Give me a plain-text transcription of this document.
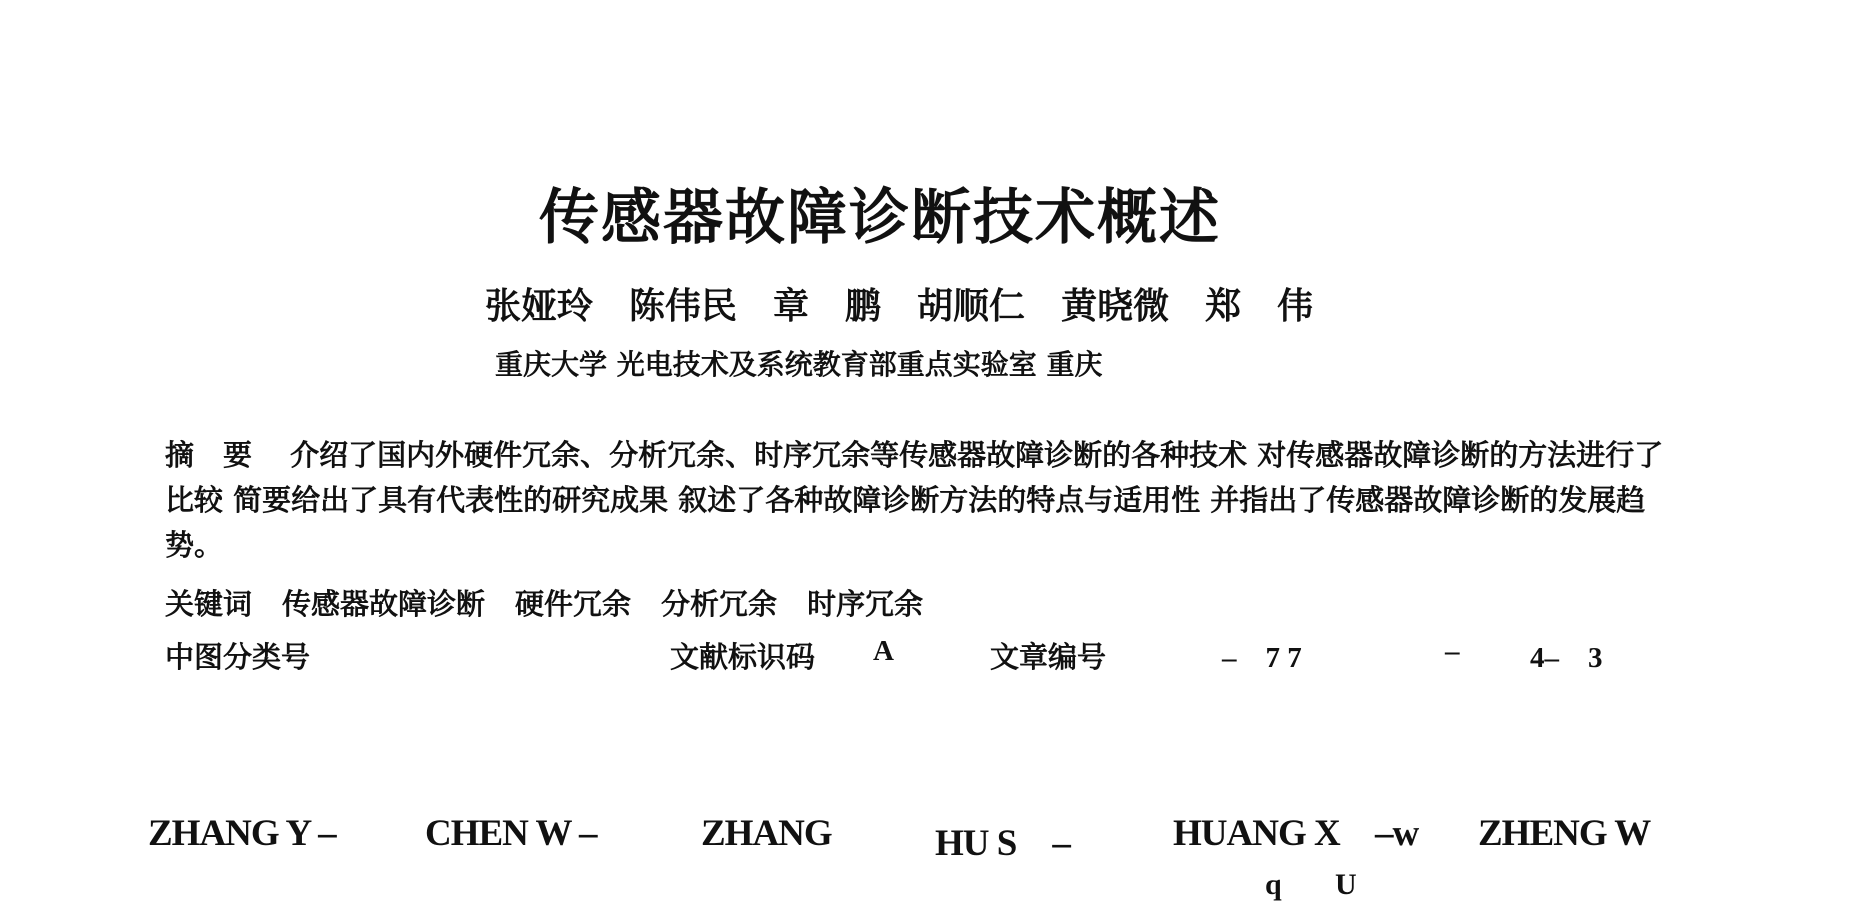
传感器故障诊断技术概述
张娅玲 陈伟民 章　鹏 胡顺仁 黄晓微 郑　伟
重庆大学 光电技术及系统教育部重点实验室 重庆
摘　要 介绍了国内外硬件冗余、分析冗余、时序冗余等传感器故障诊断的各种技术 对传感器故障诊断的方法进行了比较 简要给出了具有代表性的研究成果 叙述了各种故障诊断方法的特点与适用性 并指出了传感器故障诊断的发展趋势。
关键词 传感器故障诊断 硬件冗余 分析冗余 时序冗余
中图分类号	文献标识码 A	文章编号	–　7 7	– 4–　3
ZHANG Y – CHEN W –	ZHANG	HU S　–	HUANG X –w ZHENG W
q U
